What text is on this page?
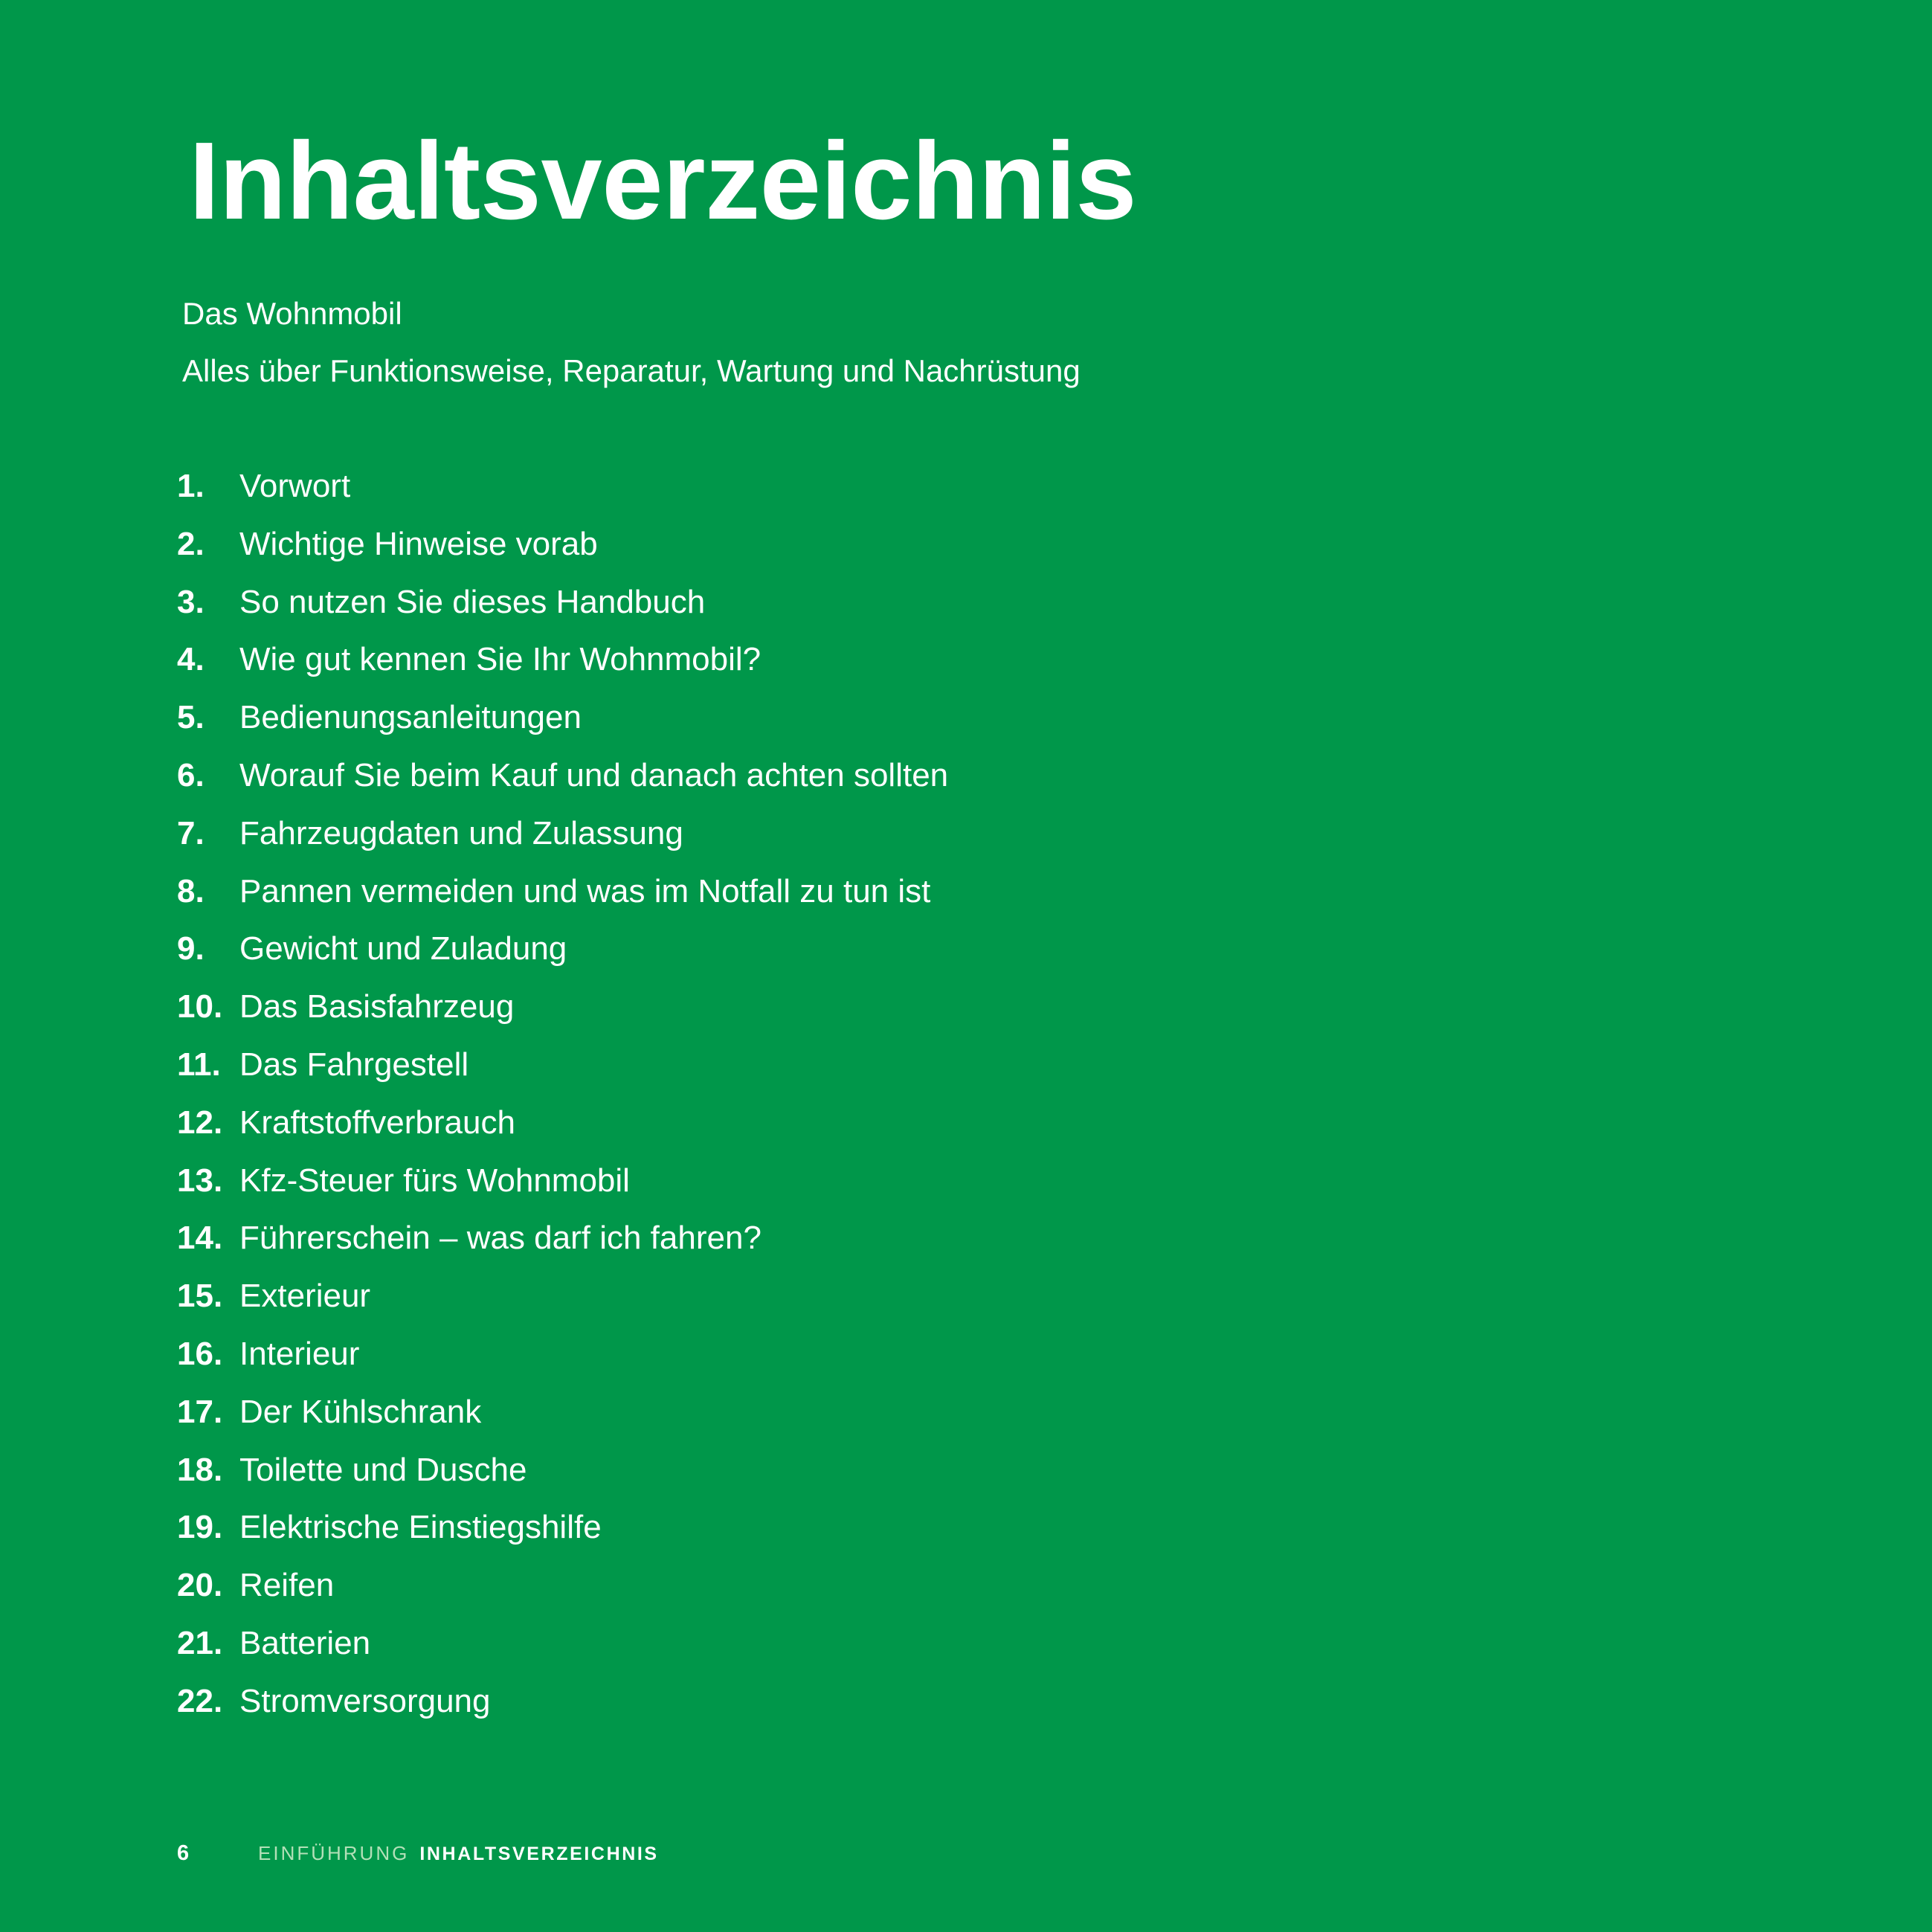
Inhaltsverzeichnis
Das Wohnmobil
Alles über Funktionsweise, Reparatur, Wartung und Nachrüstung
1.	Vorwort
2.	Wichtige Hinweise vorab
3.	So nutzen Sie dieses Handbuch
4.	Wie gut kennen Sie Ihr Wohnmobil?
5.	Bedienungsanleitungen
6.	Worauf Sie beim Kauf und danach achten sollten
7.	Fahrzeugdaten und Zulassung
8.	Pannen vermeiden und was im Notfall zu tun ist
9.	Gewicht und Zuladung
10. Das Basisfahrzeug
11. Das Fahrgestell
12. Kraftstoffverbrauch
13. Kfz-Steuer fürs Wohnmobil
14. Führerschein – was darf ich fahren?
15. Exterieur
16. Interieur
17. Der Kühlschrank
18. Toilette und Dusche
19. Elektrische Einstiegshilfe
20. Reifen
21. Batterien
22. Stromversorgung
6	EINFÜHRUNG INHALTSVERZEICHNIS
